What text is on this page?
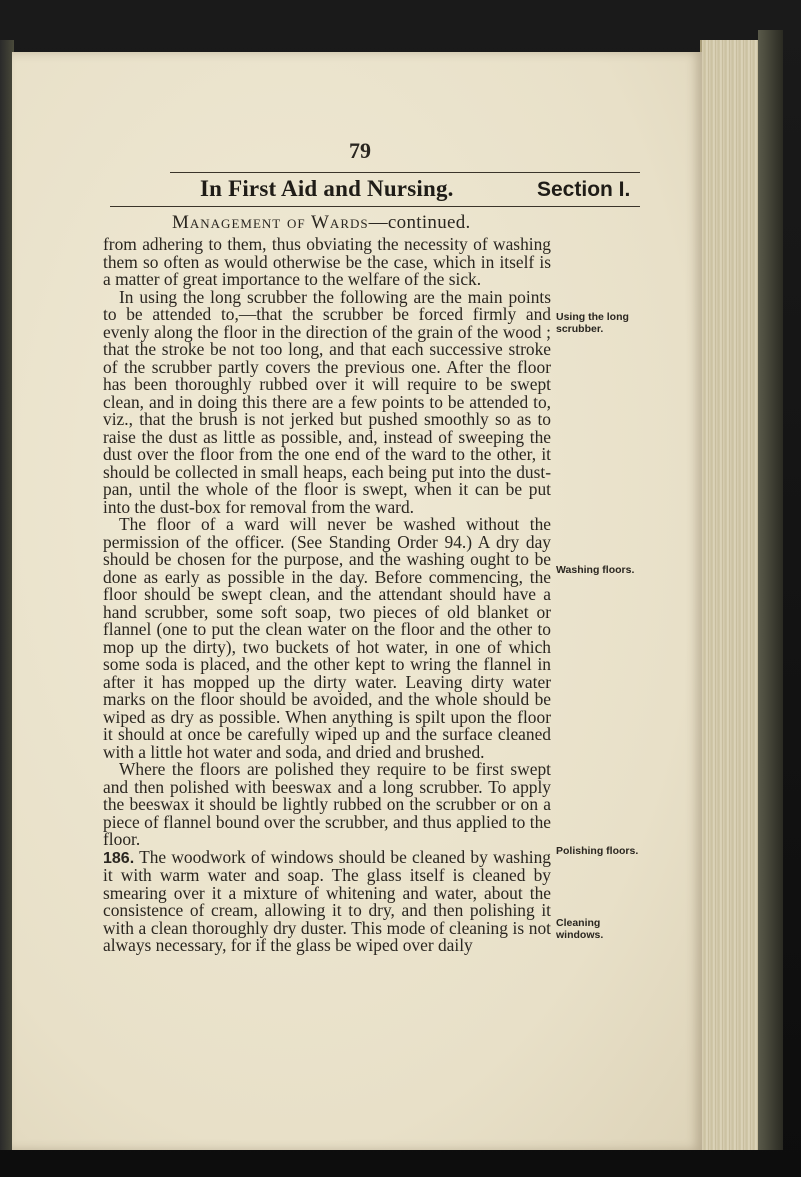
79
In First Aid and Nursing.	Section I.
Management of Wards—continued.

from adhering to them, thus obviating the necessity of washing them so often as would otherwise be the case, which in itself is a matter of great importance to the welfare of the sick.

In using the long scrubber the following are the main points to be attended to,—that the scrubber be forced firmly and evenly along the floor in the direction of the grain of the wood ; that the stroke be not too long, and that each successive stroke of the scrubber partly covers the previous one. After the floor has been thoroughly rubbed over it will require to be swept clean, and in doing this there are a few points to be attended to, viz., that the brush is not jerked but pushed smoothly so as to raise the dust as little as possible, and, instead of sweeping the dust over the floor from the one end of the ward to the other, it should be collected in small heaps, each being put into the dust-pan, until the whole of the floor is swept, when it can be put into the dust-box for removal from the ward.

The floor of a ward will never be washed without the permission of the officer. (See Standing Order 94.) A dry day should be chosen for the purpose, and the washing ought to be done as early as possible in the day. Before commencing, the floor should be swept clean, and the attendant should have a hand scrubber, some soft soap, two pieces of old blanket or flannel (one to put the clean water on the floor and the other to mop up the dirty), two buckets of hot water, in one of which some soda is placed, and the other kept to wring the flannel in after it has mopped up the dirty water. Leaving dirty water marks on the floor should be avoided, and the whole should be wiped as dry as possible. When anything is spilt upon the floor it should at once be carefully wiped up and the surface cleaned with a little hot water and soda, and dried and brushed.

Where the floors are polished they require to be first swept and then polished with beeswax and a long scrubber. To apply the beeswax it should be lightly rubbed on the scrubber or on a piece of flannel bound over the scrubber, and thus applied to the floor.

186. The woodwork of windows should be cleaned by washing it with warm water and soap. The glass itself is cleaned by smearing over it a mixture of whitening and water, about the consistence of cream, allowing it to dry, and then polishing it with a clean thoroughly dry duster. This mode of cleaning is not always necessary, for if the glass be wiped over daily

Using the long scrubber.
Washing floors.
Polishing floors.
Cleaning windows.
